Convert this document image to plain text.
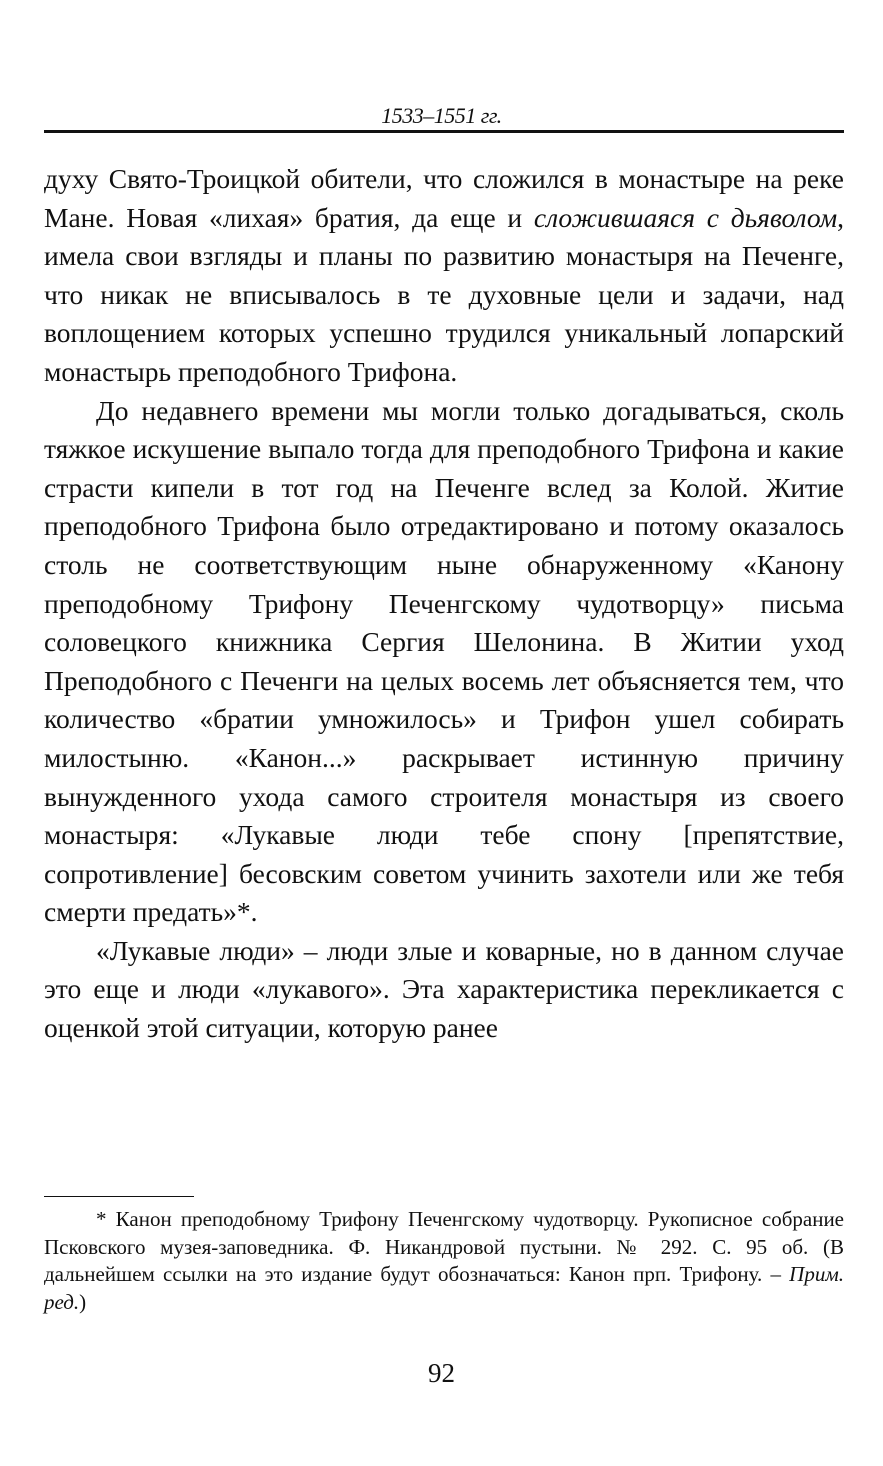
1533–1551 гг.

духу Свято-Троицкой обители, что сложился в монастыре на реке Мане. Новая «лихая» братия, да еще и сложившаяся с дьяволом, имела свои взгляды и планы по развитию монастыря на Печенге, что никак не вписывалось в те духовные цели и задачи, над воплощением которых успешно трудился уникальный лопарский монастырь преподобного Трифона.

До недавнего времени мы могли только догадываться, сколь тяжкое искушение выпало тогда для преподобного Трифона и какие страсти кипели в тот год на Печенге вслед за Колой. Житие преподобного Трифона было отредактировано и потому оказалось столь не соответствующим ныне обнаруженному «Канону преподобному Трифону Печенгскому чудотворцу» письма соловецкого книжника Сергия Шелонина. В Житии уход Преподобного с Печенги на целых восемь лет объясняется тем, что количество «братии умножилось» и Трифон ушел собирать милостыню. «Канон...» раскрывает истинную причину вынужденного ухода самого строителя монастыря из своего монастыря: «Лукавые люди тебе спону [препятствие, сопротивление] бесовским советом учинить захотели или же тебя смерти предать»*.

«Лукавые люди» – люди злые и коварные, но в данном случае это еще и люди «лукавого». Эта характеристика перекликается с оценкой этой ситуации, которую ранее

* Канон преподобному Трифону Печенгскому чудотворцу. Рукописное собрание Псковского музея-заповедника. Ф. Никандровой пустыни. № 292. С. 95 об. (В дальнейшем ссылки на это издание будут обозначаться: Канон прп. Трифону. – Прим. ред.)

92
